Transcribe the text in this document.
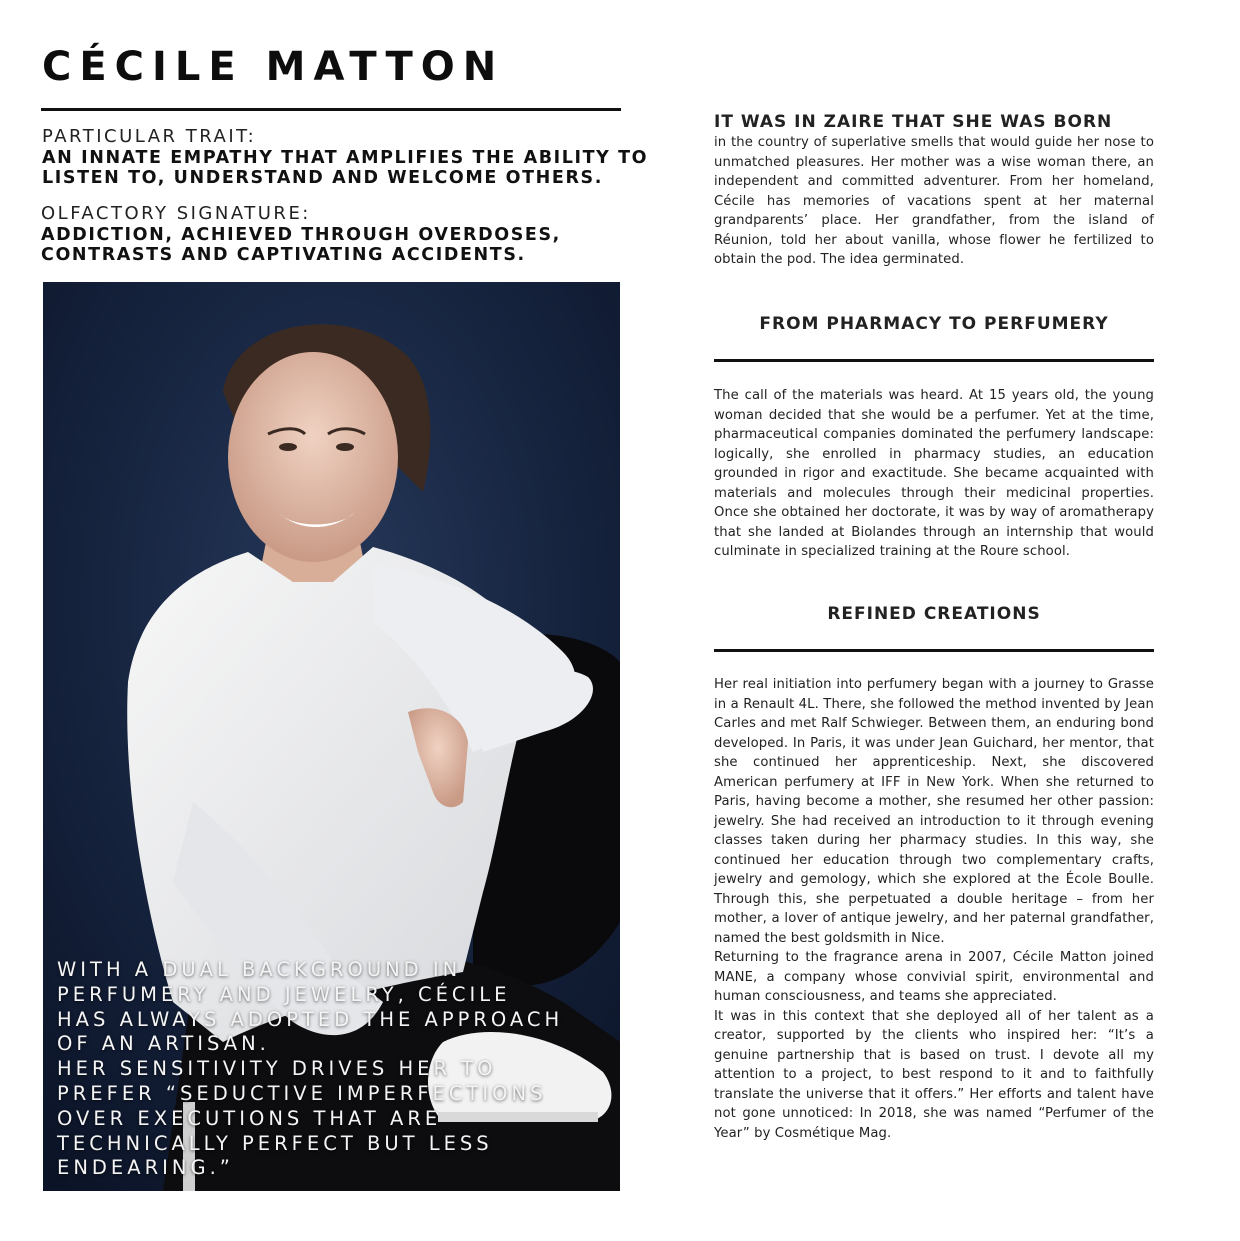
CÉCILE MATTON
PARTICULAR TRAIT:
AN INNATE EMPATHY THAT AMPLIFIES THE ABILITY TO LISTEN TO, UNDERSTAND AND WELCOME OTHERS.
OLFACTORY SIGNATURE:
ADDICTION, ACHIEVED THROUGH OVERDOSES, CONTRASTS AND CAPTIVATING ACCIDENTS.
WITH A DUAL BACKGROUND IN
PERFUMERY AND JEWELRY, CÉCILE
HAS ALWAYS ADOPTED THE APPROACH
OF AN ARTISAN.
HER SENSITIVITY DRIVES HER TO
PREFER “SEDUCTIVE IMPERFECTIONS
OVER EXECUTIONS THAT ARE
TECHNICALLY PERFECT BUT LESS
ENDEARING.”
IT WAS IN ZAIRE THAT SHE WAS BORN

in the country of superlative smells that would guide her nose to unmatched pleasures. Her mother was a wise woman there, an independent and committed adventurer. From her homeland, Cécile has memories of vacations spent at her maternal grandparents’ place. Her grandfather, from the island of Réunion, told her about vanilla, whose flower he fertilized to obtain the pod. The idea germinated.

FROM PHARMACY TO PERFUMERY

The call of the materials was heard. At 15 years old, the young woman decided that she would be a perfumer. Yet at the time, pharmaceutical companies dominated the perfumery landscape: logically, she enrolled in pharmacy studies, an education grounded in rigor and exactitude. She became acquainted with materials and molecules through their medicinal properties. Once she obtained her doctorate, it was by way of aromatherapy that she landed at Biolandes through an internship that would culminate in specialized training at the Roure school.

REFINED CREATIONS

Her real initiation into perfumery began with a journey to Grasse in a Renault 4L. There, she followed the method invented by Jean Carles and met Ralf Schwieger. Between them, an enduring bond developed. In Paris, it was under Jean Guichard, her mentor, that she continued her apprenticeship. Next, she discovered American perfumery at IFF in New York. When she returned to Paris, having become a mother, she resumed her other passion: jewelry. She had received an introduction to it through evening classes taken during her pharmacy studies. In this way, she continued her education through two complementary crafts, jewelry and gemology, which she explored at the École Boulle. Through this, she perpetuated a double heritage – from her mother, a lover of antique jewelry, and her paternal grandfather, named the best goldsmith in Nice.

Returning to the fragrance arena in 2007, Cécile Matton joined MANE, a company whose convivial spirit, environmental and human consciousness, and teams she appreciated.

It was in this context that she deployed all of her talent as a creator, supported by the clients who inspired her: “It’s a genuine partnership that is based on trust. I devote all my attention to a project, to best respond to it and to faithfully translate the universe that it offers.” Her efforts and talent have not gone unnoticed: In 2018, she was named “Perfumer of the Year” by Cosmétique Mag.
